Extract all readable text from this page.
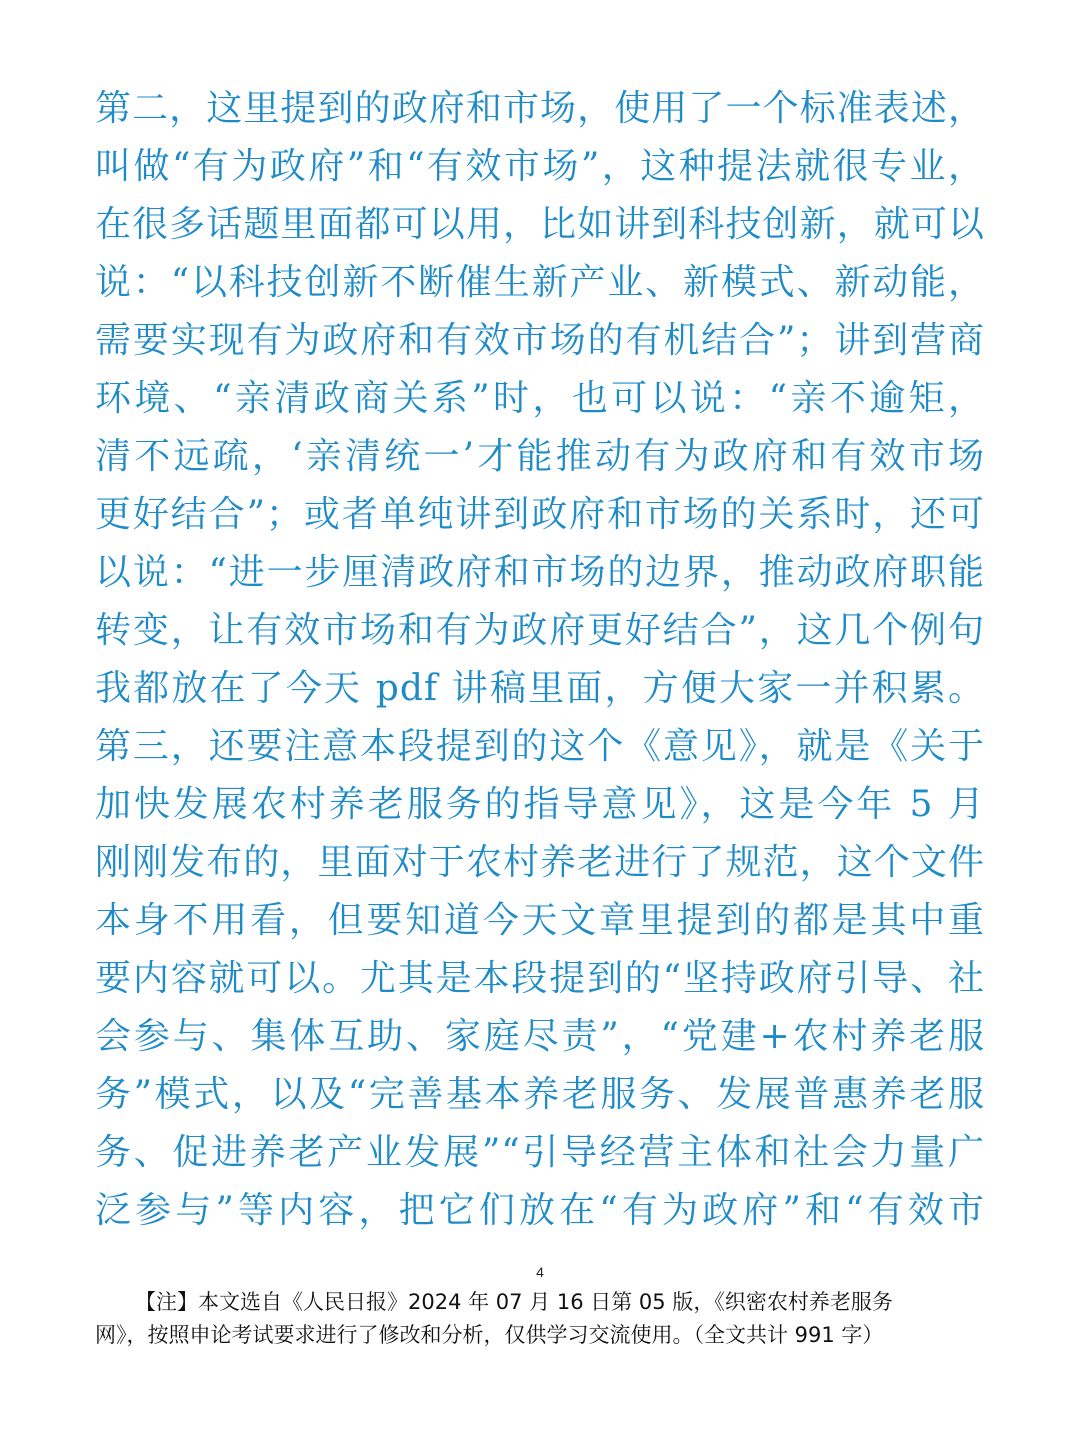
第二，这里提到的政府和市场，使用了一个标准表述，
叫做“有为政府”和“有效市场”，这种提法就很专业，
在很多话题里面都可以用，比如讲到科技创新，就可以
说：“以科技创新不断催生新产业、新模式、新动能，
需要实现有为政府和有效市场的有机结合”；讲到营商
环境、“亲清政商关系”时，也可以说：“亲不逾矩，
清不远疏，‘亲清统一’才能推动有为政府和有效市场
更好结合”；或者单纯讲到政府和市场的关系时，还可
以说：“进一步厘清政府和市场的边界，推动政府职能
转变，让有效市场和有为政府更好结合”，这几个例句
我都放在了今天 pdf 讲稿里面，方便大家一并积累。
第三，还要注意本段提到的这个《意见》，就是《关于
加快发展农村养老服务的指导意见》，这是今年 5 月
刚刚发布的，里面对于农村养老进行了规范，这个文件
本身不用看，但要知道今天文章里提到的都是其中重
要内容就可以。尤其是本段提到的“坚持政府引导、社
会参与、集体互助、家庭尽责”，“党建+农村养老服
务”模式，以及“完善基本养老服务、发展普惠养老服
务、促进养老产业发展”“引导经营主体和社会力量广
泛参与”等内容，把它们放在“有为政府”和“有效市
4
【注】本文选自《人民日报》2024 年 07 月 16 日第 05 版，《织密农村养老服务
网》，按照申论考试要求进行了修改和分析，仅供学习交流使用。（全文共计 991 字）
